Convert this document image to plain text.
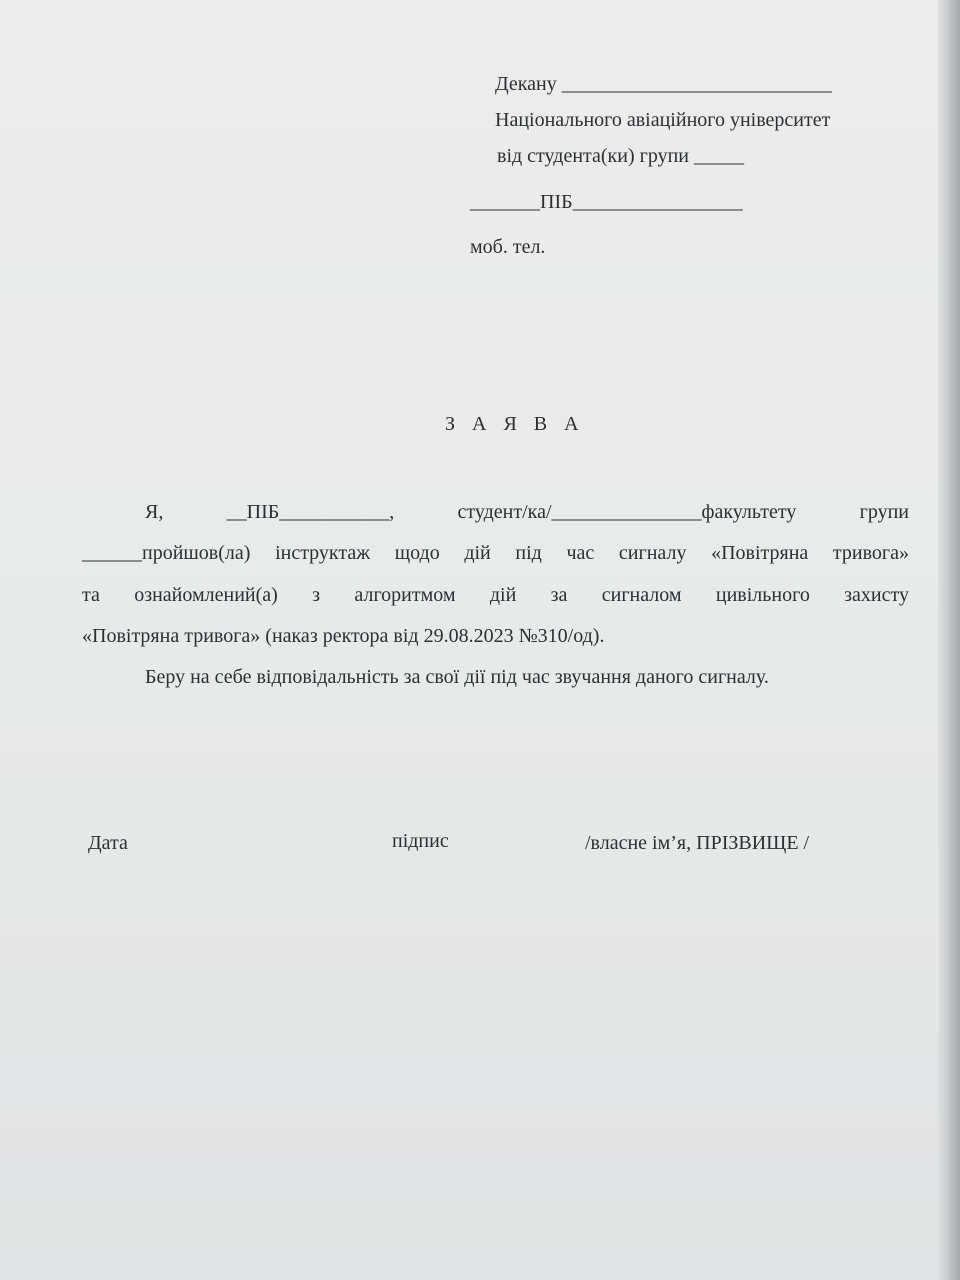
Декану ___________________________
Національного авіаційного університет
від студента(ки) групи _____
_______ПІБ_________________
моб. тел.
З А Я В А
Я, __ПІБ___________, студент/ка/_______________факультету групи
______пройшов(ла) інструктаж щодо дій під час сигналу «Повітряна тривога»
та ознайомлений(а) з алгоритмом дій за сигналом цивільного захисту
«Повітряна тривога» (наказ ректора від 29.08.2023 №310/од).
Беру на себе відповідальність за свої дії під час звучання даного сигналу.
Дата	підпис	/власне ім’я, ПРІЗВИЩЕ /
